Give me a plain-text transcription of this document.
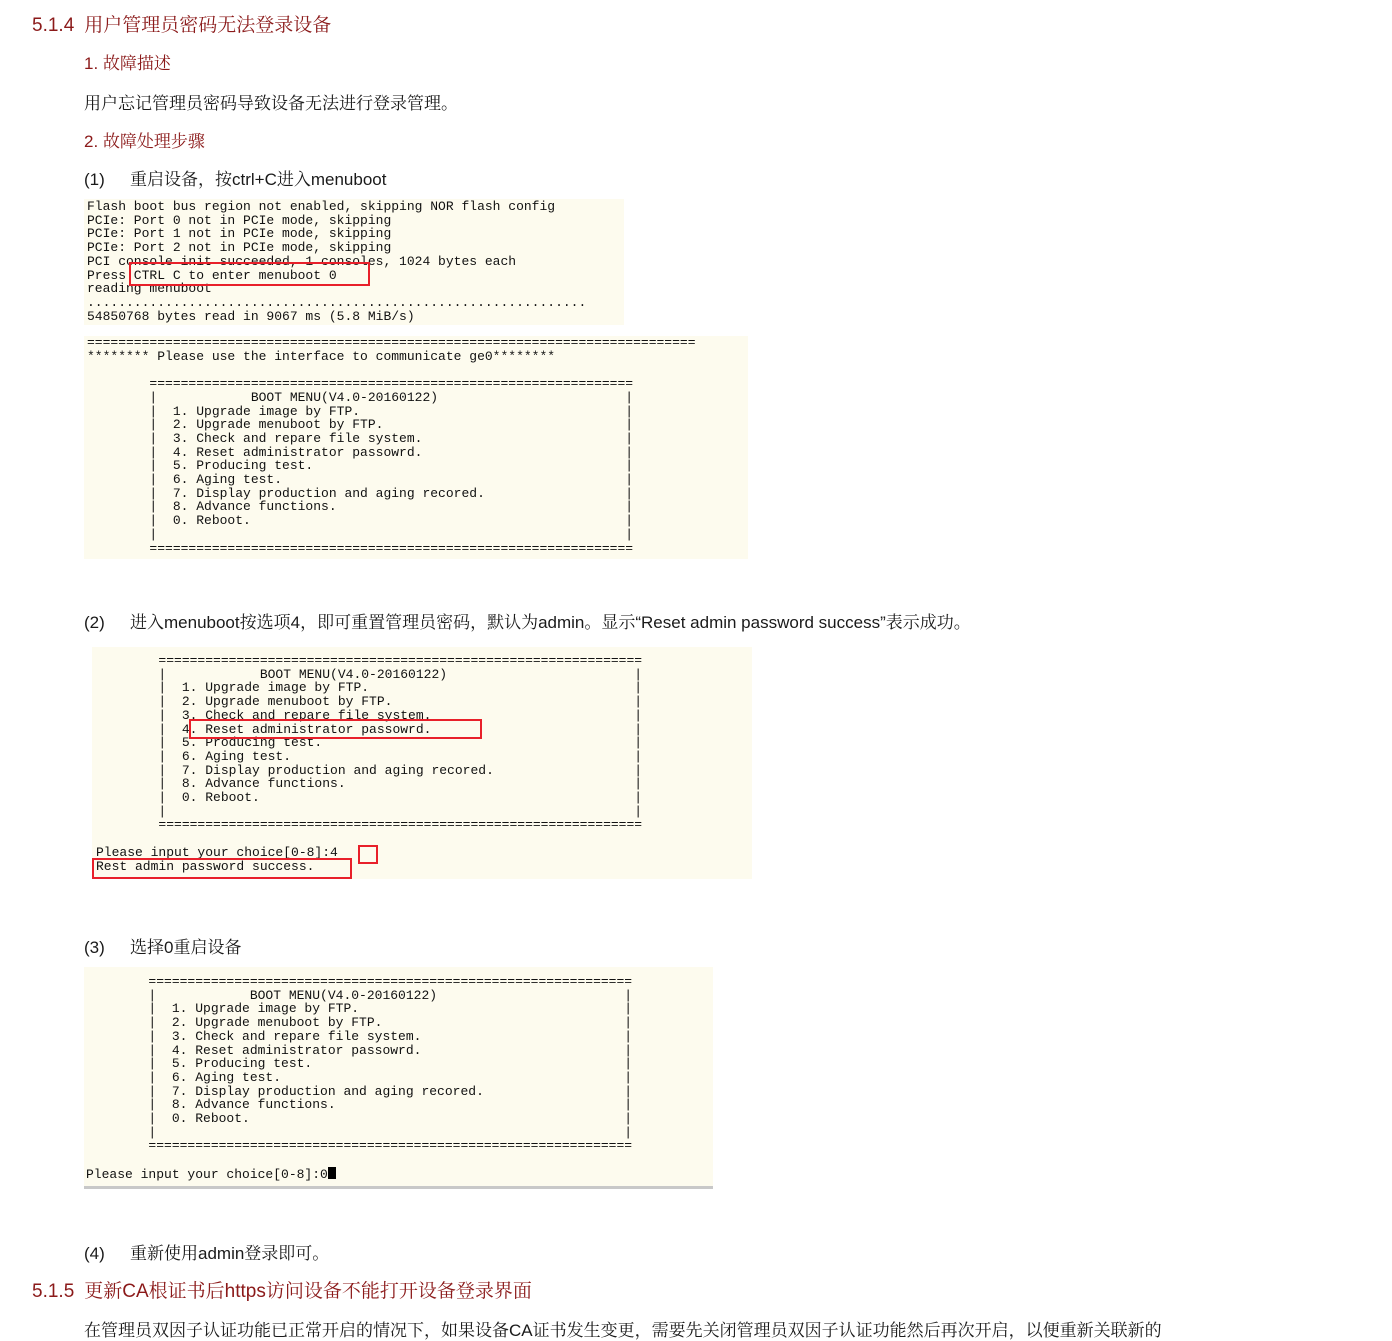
5.1.4 用户管理员密码无法登录设备
1. 故障描述
用户忘记管理员密码导致设备无法进行登录管理。
2. 故障处理步骤
(1) 重启设备，按ctrl+C进入menuboot
Flash boot bus region not enabled, skipping NOR flash config
PCIe: Port 0 not in PCIe mode, skipping
PCIe: Port 1 not in PCIe mode, skipping
PCIe: Port 2 not in PCIe mode, skipping
PCI console init succeeded, 1 consoles, 1024 bytes each
Press CTRL C to enter menuboot 0
reading menuboot
................................................................
54850768 bytes read in 9067 ms (5.8 MiB/s)
==============================================================================
******** Please use the interface to communicate ge0********

==============================================================
|            BOOT MENU(V4.0-20160122)                        |
|  1. Upgrade image by FTP.                                  |
|  2. Upgrade menuboot by FTP.                               |
|  3. Check and repare file system.                          |
|  4. Reset administrator passowrd.                          |
|  5. Producing test.                                        |
|  6. Aging test.                                            |
|  7. Display production and aging recored.                  |
|  8. Advance functions.                                     |
|  0. Reboot.                                                |
|                                                            |
==============================================================
(2) 进入menuboot按选项4，即可重置管理员密码，默认为admin。显示“Reset admin password success”表示成功。
==============================================================
|            BOOT MENU(V4.0-20160122)                        |
|  1. Upgrade image by FTP.                                  |
|  2. Upgrade menuboot by FTP.                               |
|  3. Check and repare file system.                          |
|  4. Reset administrator passowrd.                          |
|  5. Producing test.                                        |
|  6. Aging test.                                            |
|  7. Display production and aging recored.                  |
|  8. Advance functions.                                     |
|  0. Reboot.                                                |
|                                                            |
==============================================================

Please input your choice[0-8]:4
Rest admin password success.
(3) 选择0重启设备
==============================================================
|            BOOT MENU(V4.0-20160122)                        |
|  1. Upgrade image by FTP.                                  |
|  2. Upgrade menuboot by FTP.                               |
|  3. Check and repare file system.                          |
|  4. Reset administrator passowrd.                          |
|  5. Producing test.                                        |
|  6. Aging test.                                            |
|  7. Display production and aging recored.                  |
|  8. Advance functions.                                     |
|  0. Reboot.                                                |
|                                                            |
==============================================================

Please input your choice[0-8]:0
(4) 重新使用admin登录即可。
5.1.5 更新CA根证书后https访问设备不能打开设备登录界面
在管理员双因子认证功能已正常开启的情况下，如果设备CA证书发生变更，需要先关闭管理员双因子认证功能然后再次开启，以便重新关联新的
